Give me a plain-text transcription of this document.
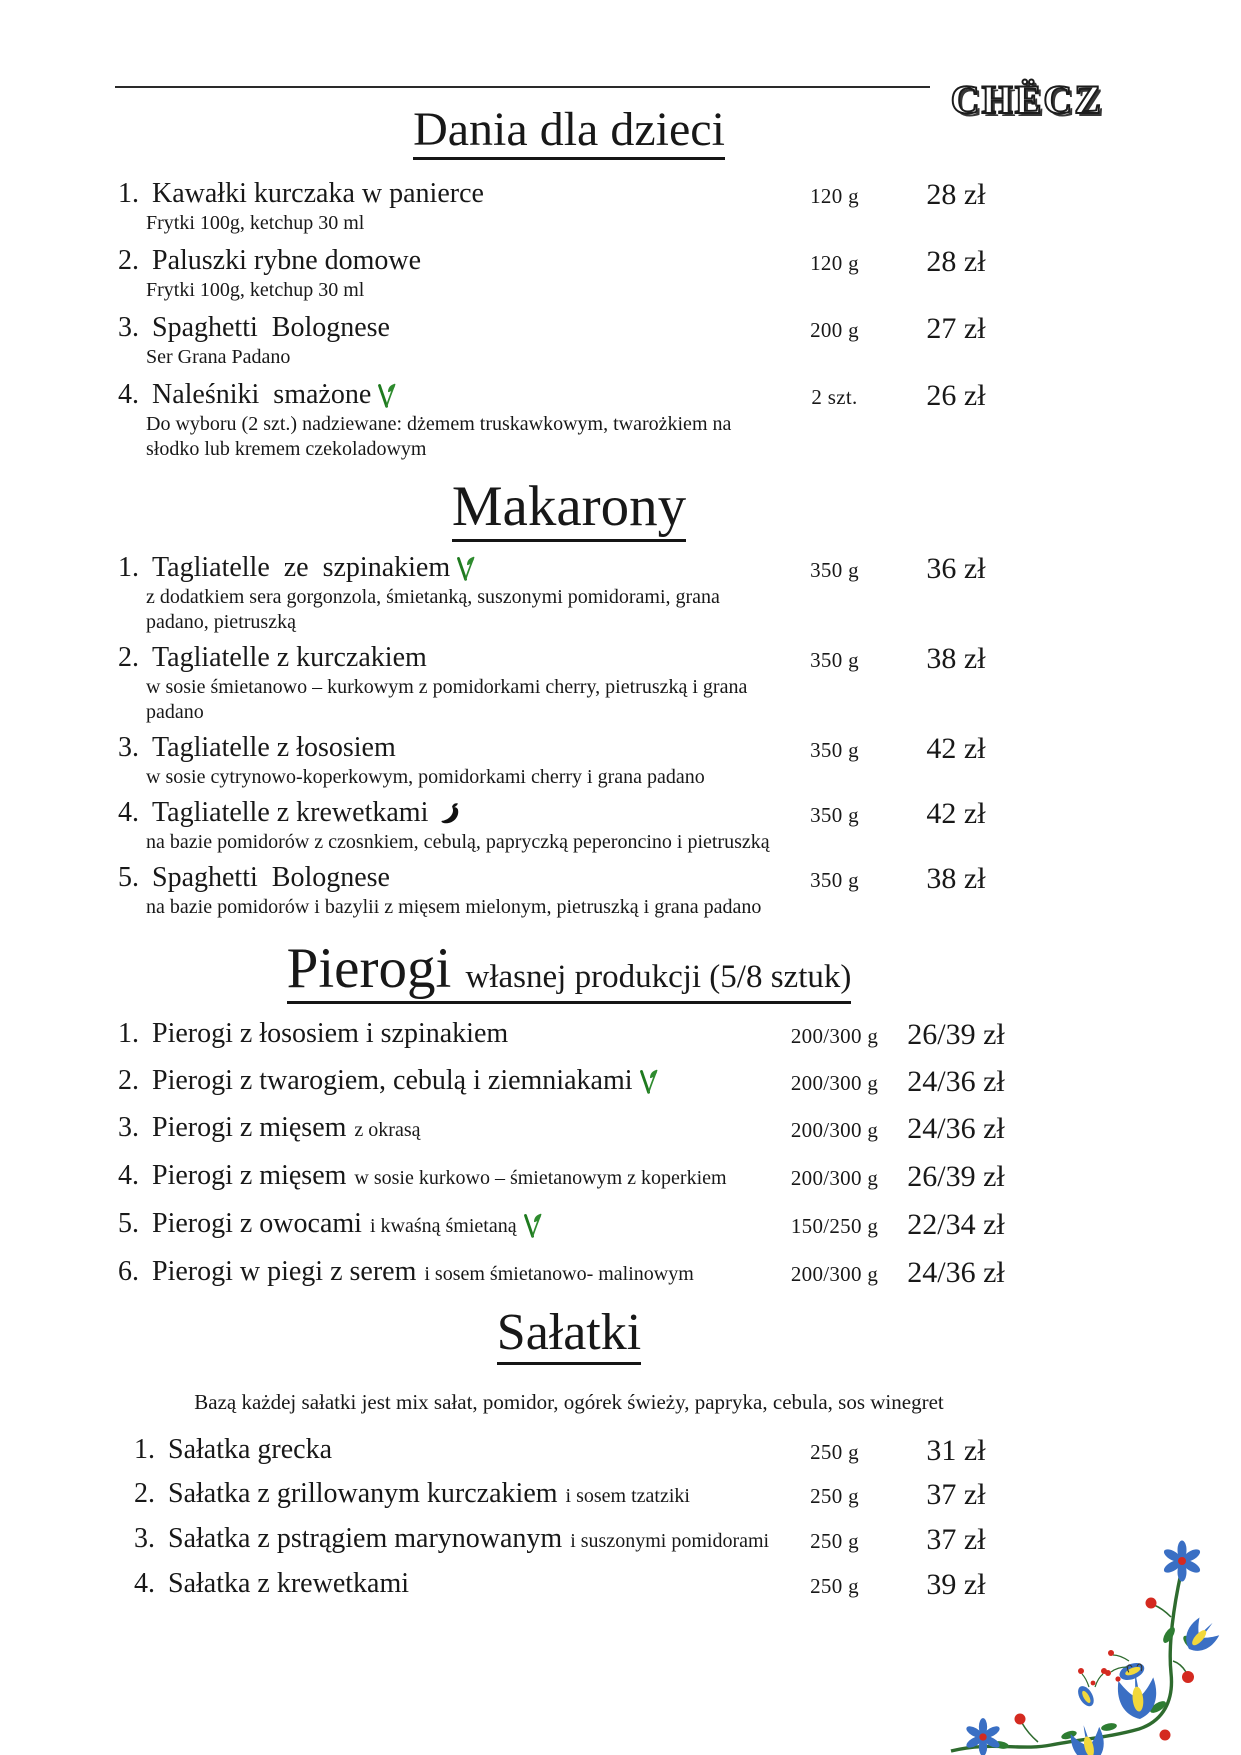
CHËCZ
Dania dla dzieci
1. Kawałki kurczaka w panierce
Frytki 100g, ketchup 30 ml
120 g	28 zł
2. Paluszki rybne domowe
Frytki 100g, ketchup 30 ml
120 g	28 zł
3. Spaghetti  Bolognese
Ser Grana Padano
200 g	27 zł
4. Naleśniki  smażone
Do wyboru (2 szt.) nadziewane: dżemem truskawkowym, twarożkiem na słodko lub kremem czekoladowym
2 szt.	26 zł
Makarony
1. Tagliatelle  ze  szpinakiem
z dodatkiem sera gorgonzola, śmietanką, suszonymi pomidorami, grana padano, pietruszką
350 g	36 zł
2. Tagliatelle z kurczakiem
w sosie śmietanowo – kurkowym z pomidorkami cherry, pietruszką i grana padano
350 g	38 zł
3. Tagliatelle z łososiem
w sosie cytrynowo-koperkowym, pomidorkami cherry i grana padano
350 g	42 zł
4. Tagliatelle z krewetkami
na bazie pomidorów z czosnkiem, cebulą, papryczką peperoncino i pietruszką
350 g	42 zł
5. Spaghetti  Bolognese
na bazie pomidorów i bazylii z mięsem mielonym, pietruszką i grana padano
350 g	38 zł
Pierogi własnej produkcji (5/8 sztuk)
1. Pierogi z łososiem i szpinakiem	200/300 g 26/39 zł
2. Pierogi z twarogiem, cebulą i ziemniakami	200/300 g 24/36 zł
3. Pierogi z mięsem z okrasą	200/300 g 24/36 zł
4. Pierogi z mięsem w sosie kurkowo – śmietanowym z koperkiem	200/300 g 26/39 zł
5. Pierogi z owocami i kwaśną śmietaną	150/250 g 22/34 zł
6. Pierogi w piegi z serem i sosem śmietanowo- malinowym	200/300 g 24/36 zł
Sałatki

Bazą każdej sałatki jest mix sałat, pomidor, ogórek świeży, papryka, cebula, sos winegret

1. Sałatka grecka	250 g	31 zł
2. Sałatka z grillowanym kurczakiem i sosem tzatziki	250 g	37 zł
3. Sałatka z pstrągiem marynowanym i suszonymi pomidorami	250 g	37 zł
4. Sałatka z krewetkami	250 g	39 zł
